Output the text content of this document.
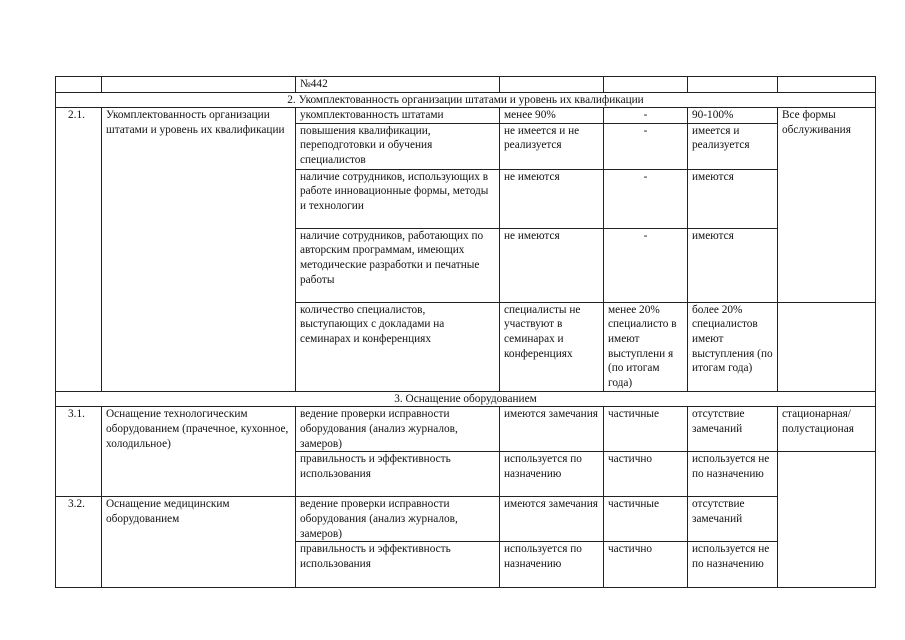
		№442				
2. Укомплектованность организации штатами и уровень их квалификации						
2.1.	Укомплектованность организации штатами и уровень их квалификации	укомплектованность штатами	менее 90%	-	90-100%	Все формы обслуживания
		повышения квалификации, переподготовки и обучения специалистов	не имеется и не реализуется	-	имеется и реализуется	
		наличие сотрудников, использующих в работе инновационные формы, методы и технологии	не имеются	-	имеются	
		наличие сотрудников, работающих по авторским программам, имеющих методические разработки и печатные работы	не имеются	-	имеются	
		количество специалистов, выступающих с докладами на семинарах и конференциях	специалисты не участвуют в семинарах и конференциях	менее 20% специалисто в имеют выступлени я (по итогам года)	более 20% специалистов имеют выступления (по итогам года)	
3. Оснащение оборудованием						
3.1.	Оснащение технологическим оборудованием (прачечное, кухонное, холодильное)	ведение проверки исправности оборудования (анализ журналов, замеров)	имеются замечания	частичные	отсутствие замечаний	стационарная/ полустационая
		правильность и эффективность использования	используется по назначению	частично	используется не по назначению	
3.2.	Оснащение медицинским оборудованием	ведение проверки исправности оборудования (анализ журналов, замеров)	имеются замечания	частичные	отсутствие замечаний	
		правильность и эффективность использования	используется по назначению	частично	используется не по назначению	
